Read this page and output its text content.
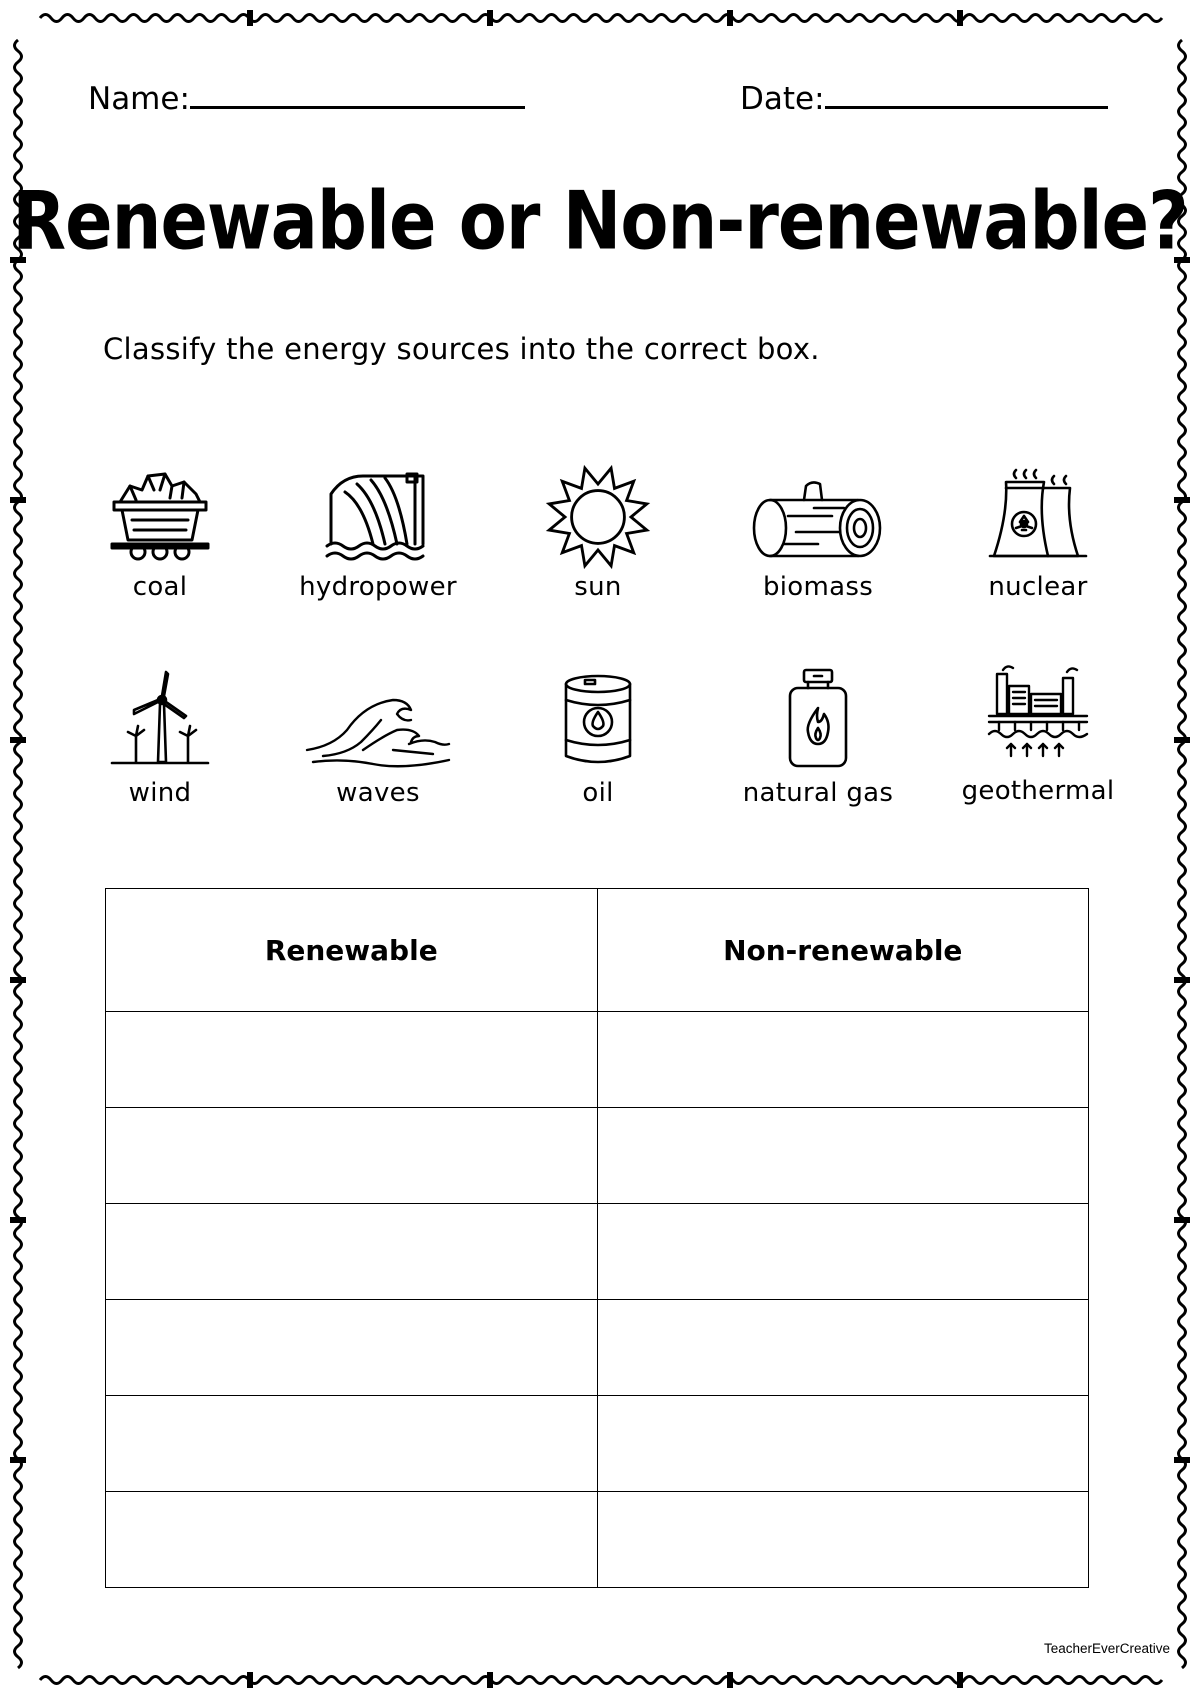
Name:	Date:
Renewable or Non-renewable?
Classify the energy sources into the correct box.
coal	hydropower	sun	biomass	nuclear
wind	waves	oil	natural gas	geothermal
Renewable	Non-renewable

TeacherEverCreative
